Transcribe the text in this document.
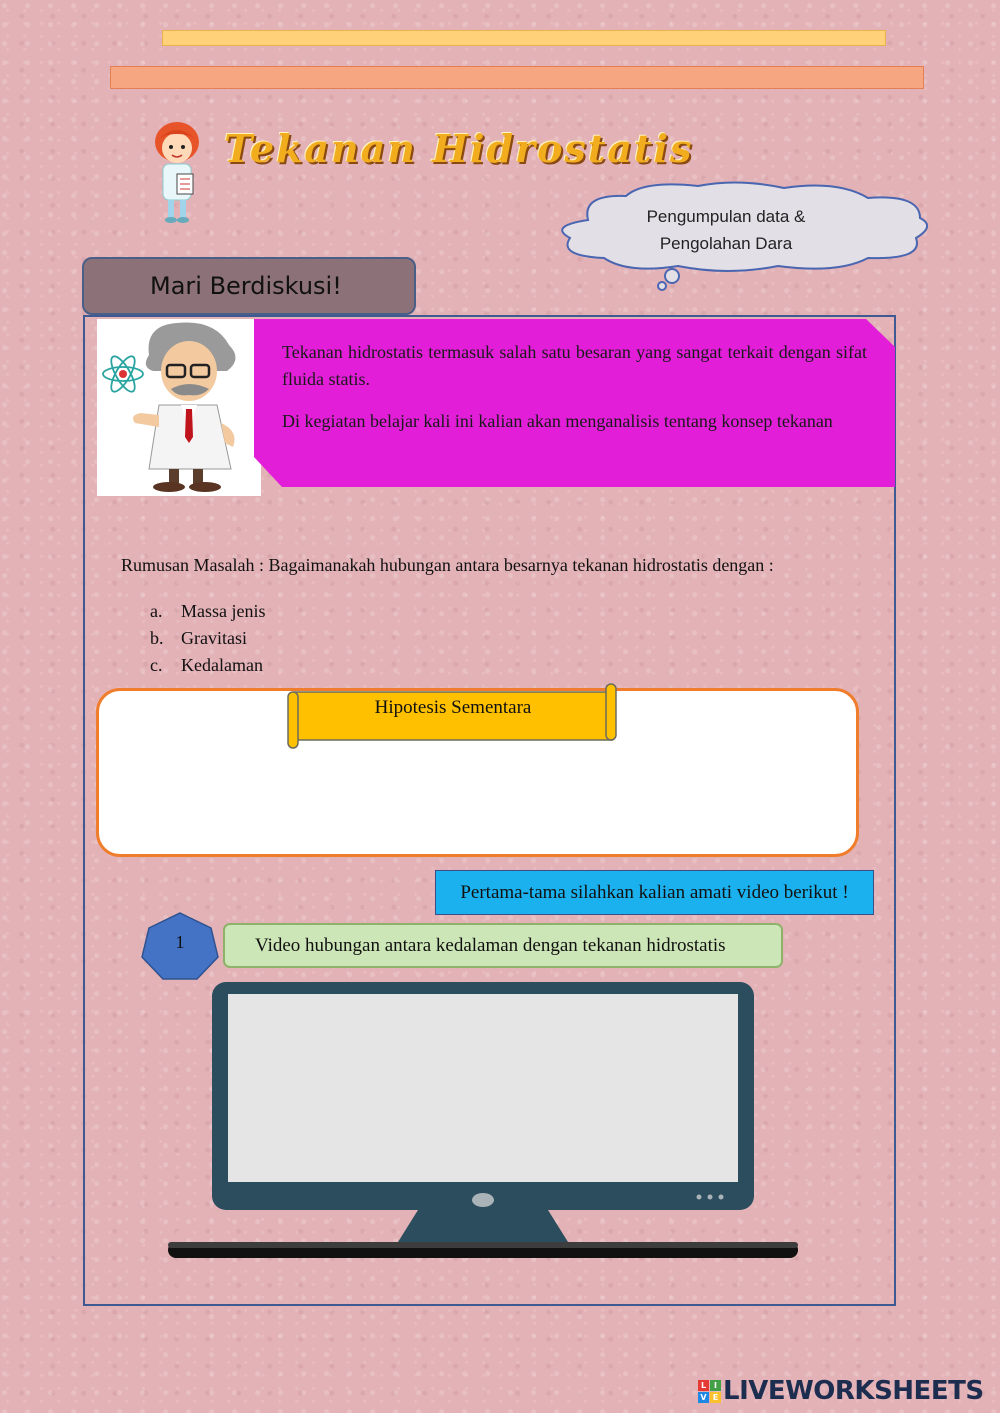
Tekanan Hidrostatis
Pengumpulan data &
Pengolahan Dara
Mari Berdiskusi!

Tekanan hidrostatis termasuk salah satu besaran yang sangat terkait dengan sifat fluida statis.

Di kegiatan belajar kali ini kalian akan menganalisis tentang konsep tekanan

Rumusan Masalah : Bagaimanakah hubungan antara besarnya tekanan hidrostatis dengan :
a.	Massa jenis
b. Gravitasi
c.	Kedalaman
Hipotesis Sementara
Pertama-tama silahkan kalian amati video berikut !
1	Video hubungan antara kedalaman dengan tekanan hidrostatis
L I
V E LIVEWORKSHEETS
